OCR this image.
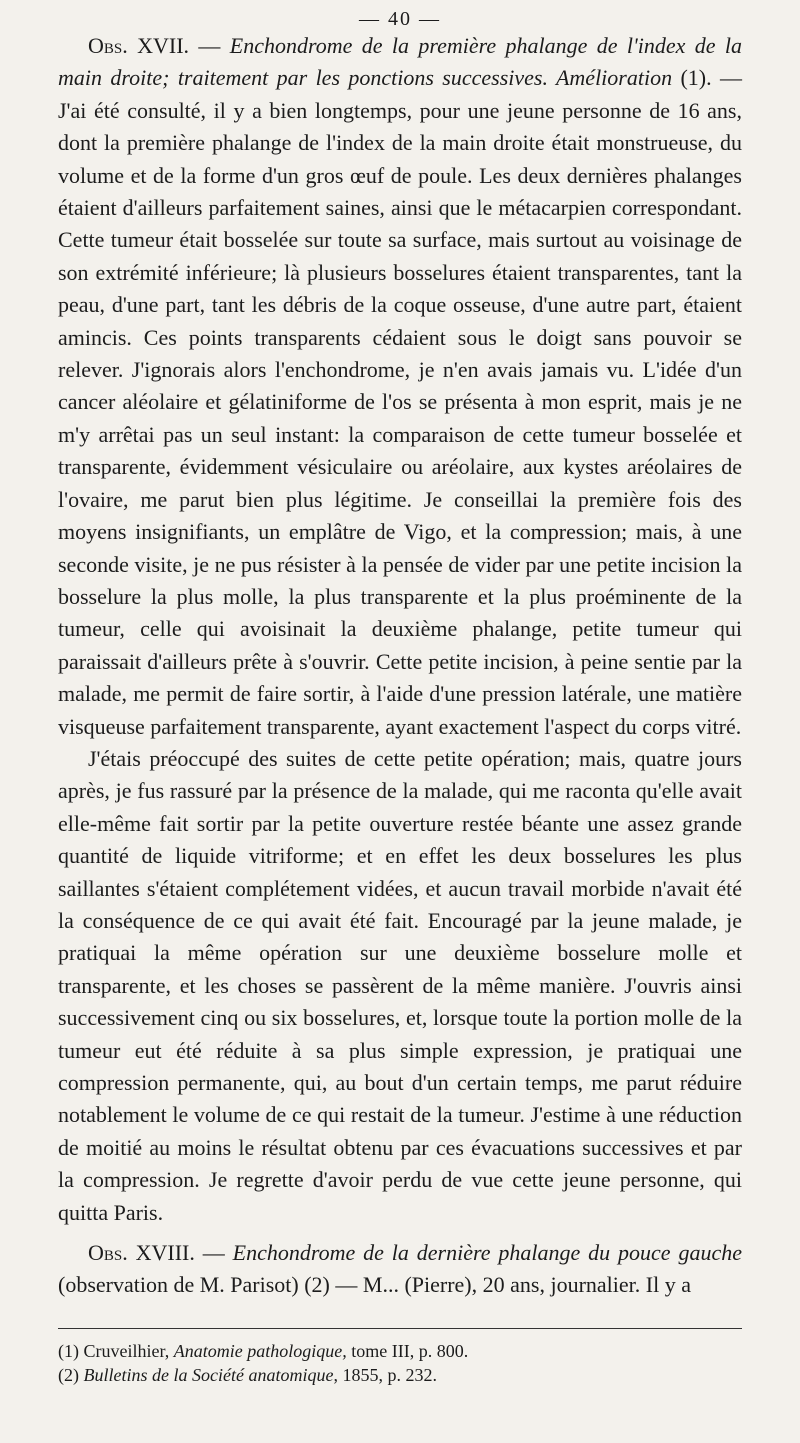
— 40 —

Obs. XVII. — Enchondrome de la première phalange de l'index de la main droite; traitement par les ponctions successives. Amélioration (1). — J'ai été consulté, il y a bien longtemps, pour une jeune personne de 16 ans, dont la première phalange de l'index de la main droite était monstrueuse, du volume et de la forme d'un gros œuf de poule. Les deux dernières phalanges étaient d'ailleurs parfaitement saines, ainsi que le métacarpien correspondant. Cette tumeur était bosselée sur toute sa surface, mais surtout au voisinage de son extrémité inférieure; là plusieurs bosselures étaient transparentes, tant la peau, d'une part, tant les débris de la coque osseuse, d'une autre part, étaient amincis. Ces points transparents cédaient sous le doigt sans pouvoir se relever. J'ignorais alors l'enchondrome, je n'en avais jamais vu. L'idée d'un cancer aléolaire et gélatiniforme de l'os se présenta à mon esprit, mais je ne m'y arrêtai pas un seul instant: la comparaison de cette tumeur bosselée et transparente, évidemment vésiculaire ou aréolaire, aux kystes aréolaires de l'ovaire, me parut bien plus légitime. Je conseillai la première fois des moyens insignifiants, un emplâtre de Vigo, et la compression; mais, à une seconde visite, je ne pus résister à la pensée de vider par une petite incision la bosselure la plus molle, la plus transparente et la plus proéminente de la tumeur, celle qui avoisinait la deuxième phalange, petite tumeur qui paraissait d'ailleurs prête à s'ouvrir. Cette petite incision, à peine sentie par la malade, me permit de faire sortir, à l'aide d'une pression latérale, une matière visqueuse parfaitement transparente, ayant exactement l'aspect du corps vitré.

J'étais préoccupé des suites de cette petite opération; mais, quatre jours après, je fus rassuré par la présence de la malade, qui me raconta qu'elle avait elle-même fait sortir par la petite ouverture restée béante une assez grande quantité de liquide vitriforme; et en effet les deux bosselures les plus saillantes s'étaient complétement vidées, et aucun travail morbide n'avait été la conséquence de ce qui avait été fait. Encouragé par la jeune malade, je pratiquai la même opération sur une deuxième bosselure molle et transparente, et les choses se passèrent de la même manière. J'ouvris ainsi successivement cinq ou six bosselures, et, lorsque toute la portion molle de la tumeur eut été réduite à sa plus simple expression, je pratiquai une compression permanente, qui, au bout d'un certain temps, me parut réduire notablement le volume de ce qui restait de la tumeur. J'estime à une réduction de moitié au moins le résultat obtenu par ces évacuations successives et par la compression. Je regrette d'avoir perdu de vue cette jeune personne, qui quitta Paris.

Obs. XVIII. — Enchondrome de la dernière phalange du pouce gauche (observation de M. Parisot) (2) — M... (Pierre), 20 ans, journalier. Il y a

(1) Cruveilhier, Anatomie pathologique, tome III, p. 800.

(2) Bulletins de la Société anatomique, 1855, p. 232.
